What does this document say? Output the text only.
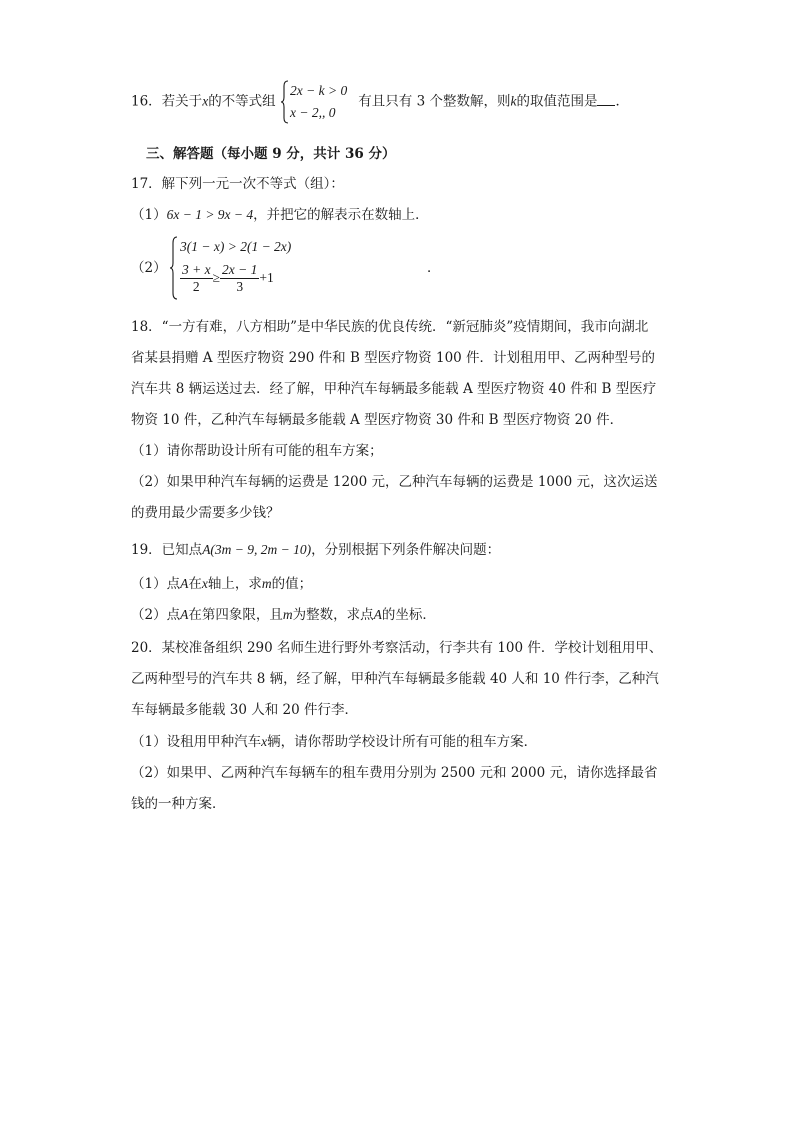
16．若关于x的不等式组
2x − k > 0
x − 2,, 0
有且只有 3 个整数解，则k的取值范围是 ．
三、解答题（每小题 9 分，共计 36 分）
17．解下列一元一次不等式（组）：
（1）6x − 1 > 9x − 4，并把它的解表示在数轴上．
（2）
3(1 − x) > 2(1 − 2x)
$\frac{3 + x}{2} \ge \frac{2x - 1}{3} +1$
．
18．“一方有难，八方相助”是中华民族的优良传统．“新冠肺炎”疫情期间，我市向湖北
省某县捐赠 A 型医疗物资 290 件和 B 型医疗物资 100 件．计划租用甲、乙两种型号的
汽车共 8 辆运送过去．经了解，甲种汽车每辆最多能载 A 型医疗物资 40 件和 B 型医疗
物资 10 件，乙种汽车每辆最多能载 A 型医疗物资 30 件和 B 型医疗物资 20 件．
（1）请你帮助设计所有可能的租车方案；
（2）如果甲种汽车每辆的运费是 1200 元，乙种汽车每辆的运费是 1000 元，这次运送
的费用最少需要多少钱？
19．已知点A(3m − 9, 2m − 10)，分别根据下列条件解决问题：
（1）点A在x轴上，求m的值；
（2）点A在第四象限，且m为整数，求点A的坐标．
20．某校准备组织 290 名师生进行野外考察活动，行李共有 100 件．学校计划租用甲、
乙两种型号的汽车共 8 辆，经了解，甲种汽车每辆最多能载 40 人和 10 件行李，乙种汽
车每辆最多能载 30 人和 20 件行李．
（1）设租用甲种汽车x辆，请你帮助学校设计所有可能的租车方案．
（2）如果甲、乙两种汽车每辆车的租车费用分别为 2500 元和 2000 元，请你选择最省
钱的一种方案．
